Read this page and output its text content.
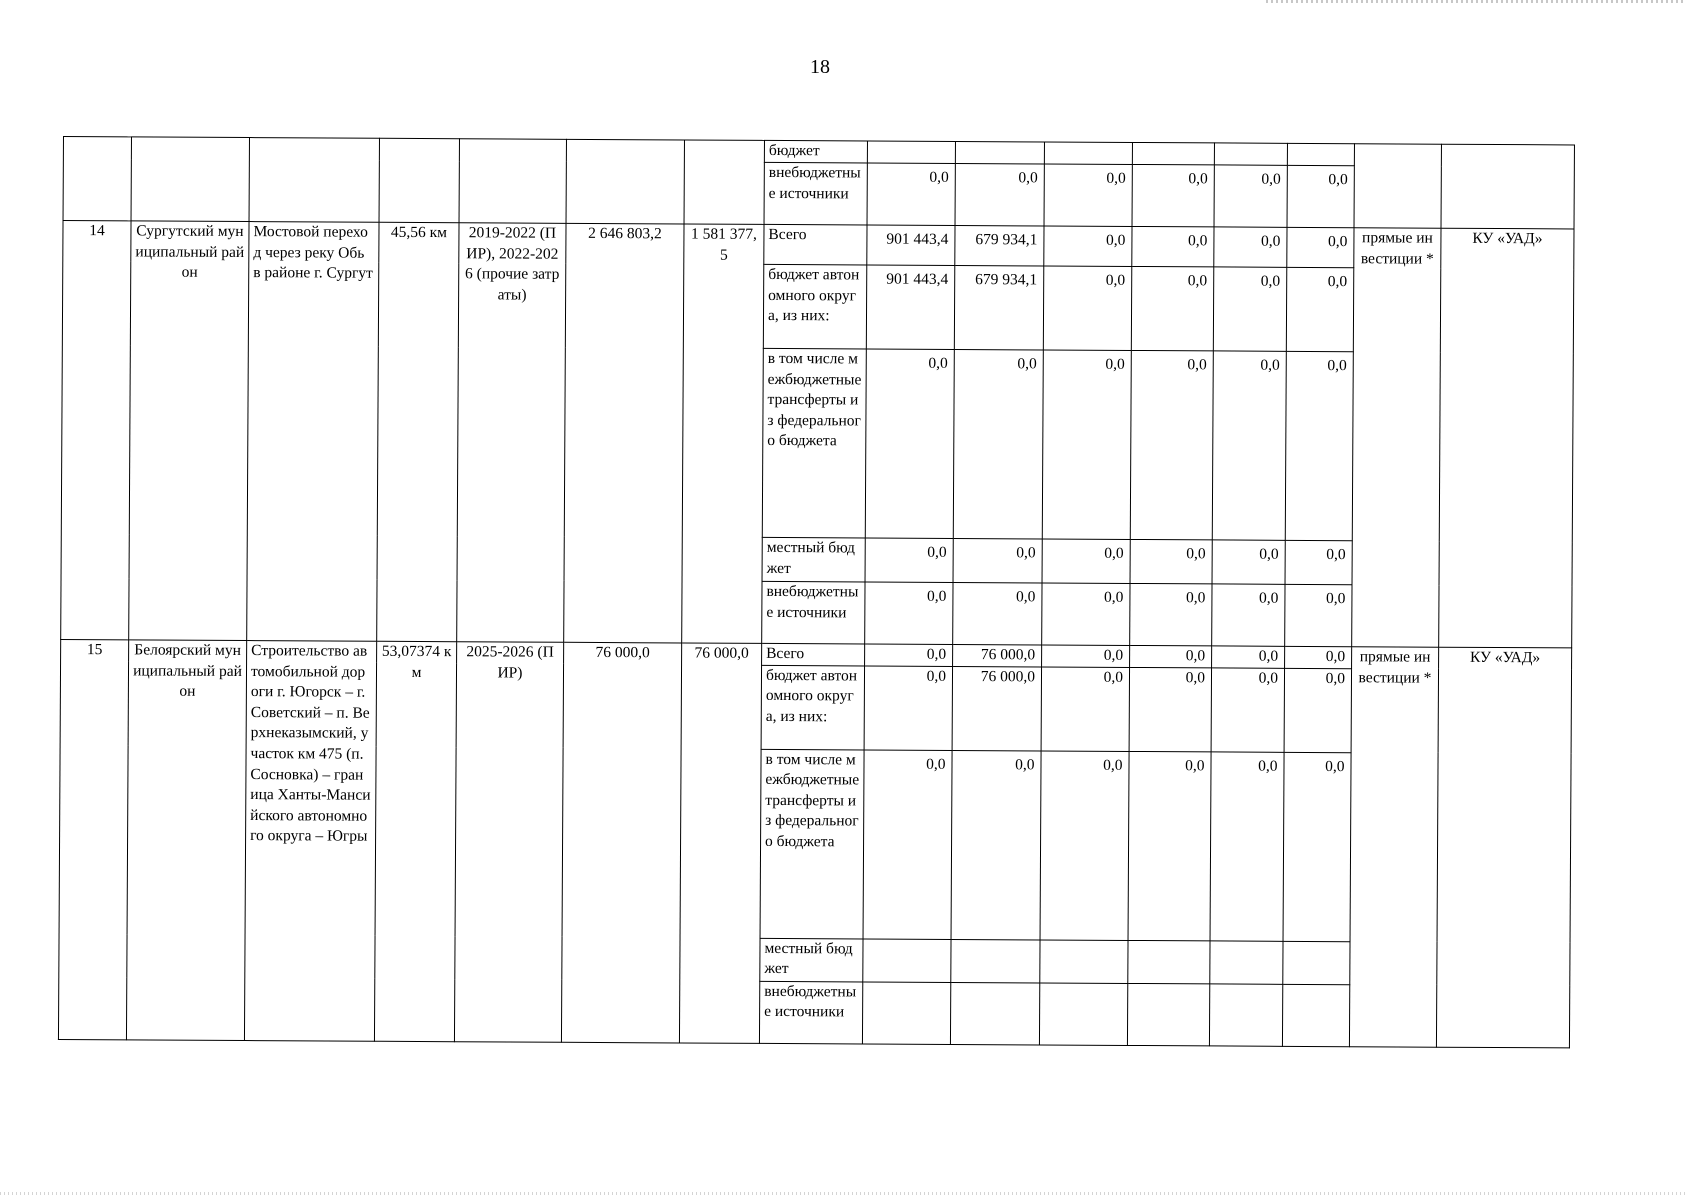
18
							бюджет								
							внебюджетные источники	0,0	0,0	0,0	0,0	0,0	0,0		
14	Сургутский муниципальный район	Мостовой переход через реку Обь в районе г. Сургут	45,56 км	2019-2022 (ПИР), 2022-2026 (прочие затраты)	2 646 803,2	1 581 377,5	Всего	901 443,4	679 934,1	0,0	0,0	0,0	0,0	прямые инвестиции *	КУ «УАД»
							бюджет автономного округа, из них:	901 443,4	679 934,1	0,0	0,0	0,0	0,0		
							в том числе межбюджетные трансферты из федерального бюджета	0,0	0,0	0,0	0,0	0,0	0,0		
							местный бюджет	0,0	0,0	0,0	0,0	0,0	0,0		
							внебюджетные источники	0,0	0,0	0,0	0,0	0,0	0,0		
15	Белоярский муниципальный район	Строительство автомобильной дороги г. Югорск – г. Советский – п. Верхнеказымский, участок км 475 (п. Сосновка) – граница Ханты-Мансийского автономного округа – Югры	53,07374 км	2025-2026 (ПИР)	76 000,0	76 000,0	Всего	0,0	76 000,0	0,0	0,0	0,0	0,0	прямые инвестиции *	КУ «УАД»
							бюджет автономного округа, из них:	0,0	76 000,0	0,0	0,0	0,0	0,0		
							в том числе межбюджетные трансферты из федерального бюджета	0,0	0,0	0,0	0,0	0,0	0,0		
							местный бюджет								
							внебюджетные источники								
